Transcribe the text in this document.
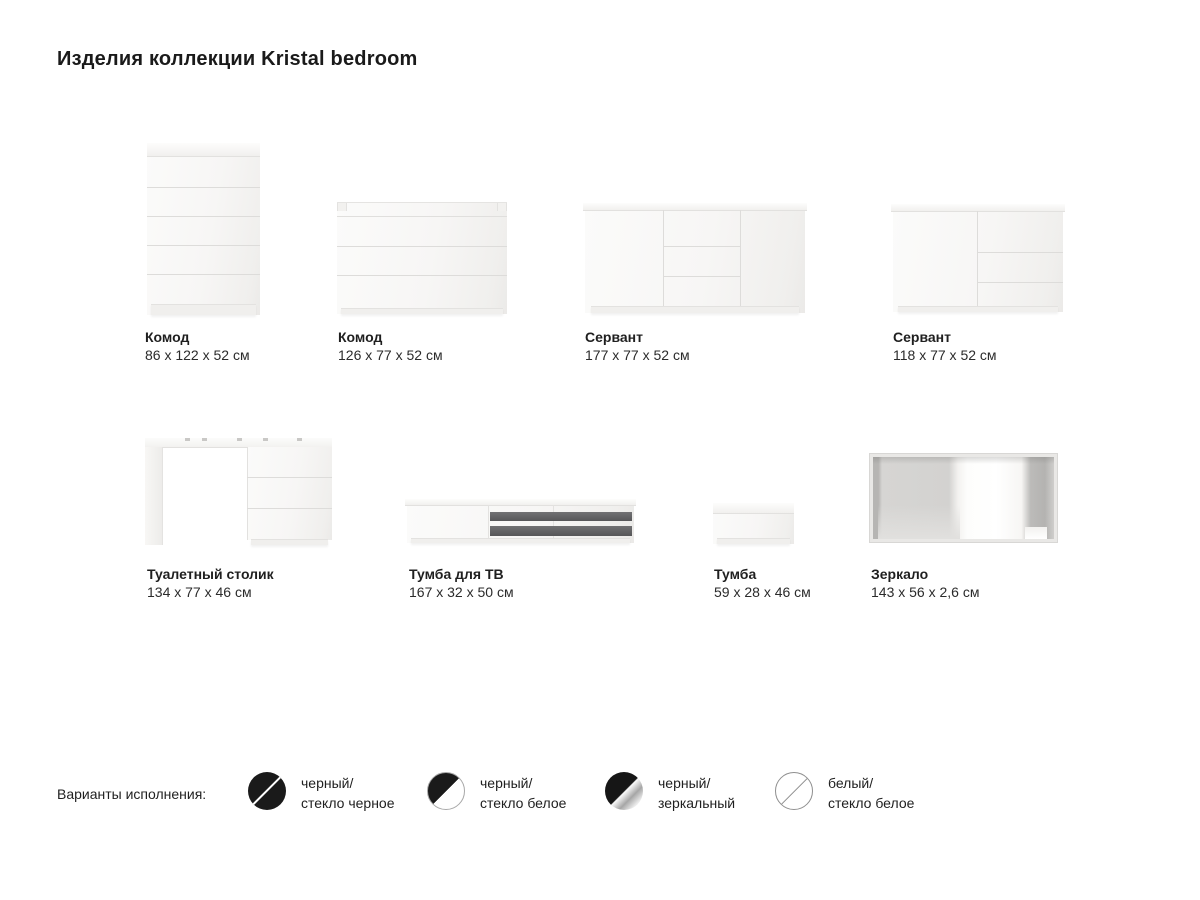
Изделия коллекции Kristal bedroom
Комод
86 x 122 x 52 см
Комод
126 x 77 x 52 см
Сервант
177 x 77 x 52 см
Сервант
118 x 77 x 52 см
Туалетный столик
134 x 77 x 46 см
Тумба для ТВ
167 x 32 x 50 см
Тумба
59 x 28 x 46 см
Зеркало
143 x 56 x 2,6 см
Варианты исполнения:
черный/
стекло черное
черный/
стекло белое
черный/
зеркальный
белый/
стекло белое
